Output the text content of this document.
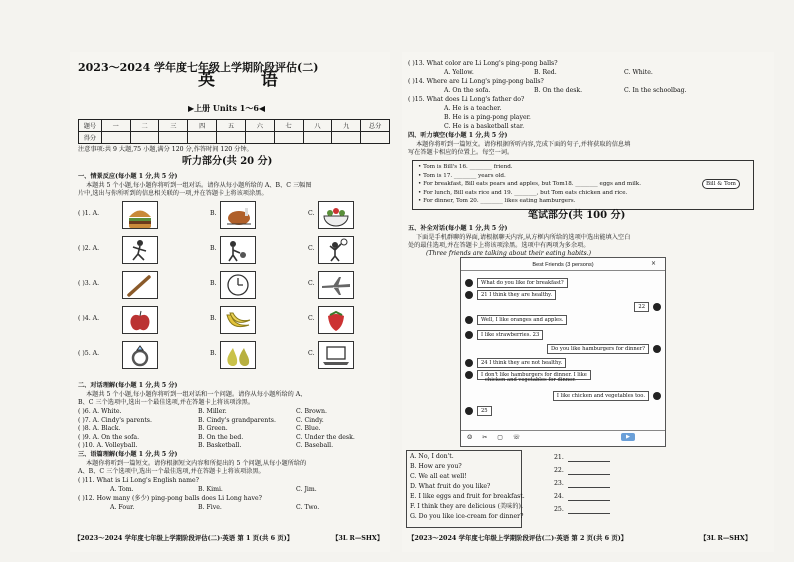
2023～2024 学年度七年级上学期阶段评估(二)
英 语
▶上册 Units 1～6◀
题号	一	二	三	四	五	六	七	八	九	总分
得分										
注意事项:共 9 大题,75 小题,满分 120 分,作答时间 120 分钟。
听力部分(共 20 分)
一、情景反应(每小题 1 分,共 5 分)
本题共 5 个小题,每小题你将听到一组对话。请你从每小题所给的 A、B、C 三幅图
片中,选出与你所听到的信息相关联的一项,并在答题卡上将该项涂黑。
( )1. A.	B.	C.
( )2. A.	B.	C.
( )3. A.	B.	C.
( )4. A.	B.	C.
( )5. A.	B.	C.
二、对话理解(每小题 1 分,共 5 分)
本题共 5 个小题,每小题你将听到一组对话和一个问题。请你从每小题所给的 A、
B、C 三个选项中,选出一个最佳选项,并在答题卡上将该项涂黑。
( )6. A. White.	B. Miller.	C. Brown.
( )7. A. Cindy's parents.	B. Cindy's grandparents.	C. Cindy.
( )8. A. Black.	B. Green.	C. Blue.
( )9. A. On the sofa.	B. On the bed.	C. Under the desk.
( )10. A. Volleyball.	B. Basketball.	C. Baseball.
三、语篇理解(每小题 1 分,共 5 分)
本题你将听到一篇短文。请你根据短文内容和所提出的 5 个问题,从每小题所给的
A、B、C 三个选项中,选出一个最佳选项,并在答题卡上将该项涂黑。
( )11. What is Li Long's English name?
A. Tom.	B. Kimi.	C. Jim.
( )12. How many (多少) ping-pong balls does Li Long have?
A. Four.	B. Five.	C. Two.
【2023～2024 学年度七年级上学期阶段评估(二)·英语 第 1 页(共 6 页)】	【3L R—SHX】
( )13. What color are Li Long's ping-pong balls?
A. Yellow.	B. Red.	C. White.
( )14. Where are Li Long's ping-pong balls?
A. On the sofa.	B. On the desk.	C. In the schoolbag.
( )15. What does Li Long's father do?
A. He is a teacher.
B. He is a ping-pong player.
C. He is a basketball star.
四、听力填空(每小题 1 分,共 5 分)
本题你将听到一篇短文。请你根据所听内容,完成下面的句子,并将获取的信息填
写在答题卡相应的位置上。每空一词。
• Tom is Bill's 16. ________ friend.
• Tom is 17. ________ years old.
• For breakfast, Bill eats pears and apples, but Tom18. ________ eggs and milk.
• For lunch, Bill eats rice and 19. ________, but Tom eats chicken and rice.
• For dinner, Tom 20. ________ likes eating hamburgers.
Bill & Tom
笔试部分(共 100 分)
五、补全对话(每小题 1 分,共 5 分)
下面是手机群聊的界面,请根据聊天内容,从方框内所给的选项中选出能填入空白
处的最佳选项,并在答题卡上将该项涂黑。选项中有两项为多余项。
(Three friends are talking about their eating habits.)
Best Friends (3 persons)	×
What do you like for breakfast?
21 I think they are healthy.
22
Well, I like oranges and apples.
I like strawberries. 23
Do you like hamburgers for dinner?
24 I think they are not healthy.
I don't like hamburgers for dinner. I like
chicken and vegetables for dinner.
I like chicken and vegetables too.
25
☺ ✂ ▢ ☏	▶
A. No, I don't.
B. How are you?
C. We all eat well!
D. What fruit do you like?
E. I like eggs and fruit for breakfast.
F. I think they are delicious (美味的).
G. Do you like ice-cream for dinner?
21.
22.
23.
24.
25.
【2023～2024 学年度七年级上学期阶段评估(二)·英语 第 2 页(共 6 页)】	【3L R—SHX】
